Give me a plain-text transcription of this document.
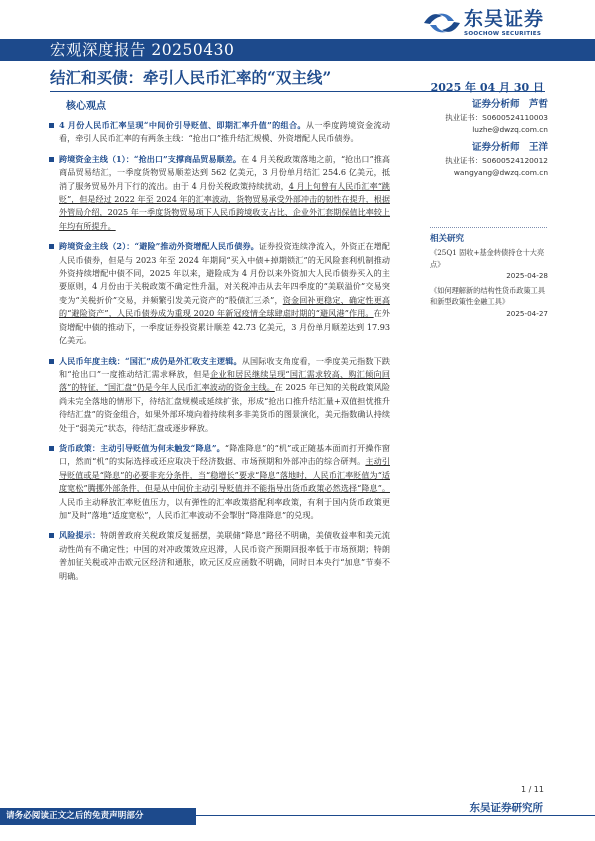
宏观深度报告 20250430
东吴证券
SOOCHOW SECURITIES
结汇和买债：牵引人民币汇率的“双主线”
2025 年 04 月 30 日
核心观点
4 月份人民币汇率呈现“中间价引导贬值、即期汇率升值”的组合。从一季度跨境资金流动看，牵引人民币汇率的有两条主线：“抢出口”推升结汇规模、外资增配人民币债券。
跨境资金主线（1）：“抢出口”支撑商品贸易顺差。在 4 月关税政策落地之前，“抢出口”推高商品贸易结汇，一季度货物贸易顺差达到 562 亿美元，3 月份单月结汇 254.6 亿美元，抵消了服务贸易外月下行的流出。由于 4 月份关税政策持续扰动，4 月上旬曾有人民币汇率“跳贬”，但是经过 2022 年至 2024 年的汇率波动，货物贸易承受外部冲击的韧性在提升，根据外管局介绍，2025 年一季度货物贸易项下人民币跨境收支占比、企业外汇套期保值比率较上年均有所提升。
跨境资金主线（2）：“避险”推动外资增配人民币债券。证券投资连续净流入，外资正在增配人民币债券，但是与 2023 年至 2024 年期间“买入中债+掉期锁汇”的无风险套利机制推动外资持续增配中债不同，2025 年以来，避险成为 4 月份以来外资加大人民币债券买入的主要原则，4 月份由于关税政策不确定性升温，对关税冲击从去年四季度的“美联溢价”交易突变为“关税折价”交易，并频繁引发美元资产的“股债汇三杀”，资金回补更稳定、确定性更高的“避险资产”，人民币债券成为重现 2020 年新冠疫情全球肆虐时期的“避风港”作用。在外资增配中债的推动下，一季度证券投资累计顺差 42.73 亿美元，3 月份单月顺差达到 17.93 亿美元。
人民币年度主线：“国汇”成仍是外汇收支主逻辑。从国际收支角度看，一季度美元指数下跌和“抢出口”一度推动结汇需求释放，但是企业和居民继续呈现“国汇需求较高、购汇倾向回落”的特征，“国汇盘”仍是今年人民币汇率波动的资金主线。在 2025 年已知的关税政策风险尚未完全落地的情形下，待结汇盘规模或延续扩张，形成“抢出口推升结汇量+双值担忧推升待结汇盘”的资金组合，如果外部环境向着持续利多非美货币的图景演化，美元指数确认持续处于“弱美元”状态，待结汇盘或逐步释放。
货币政策：主动引导贬值为何未触发“降息”。“降准降息”的“机”或正随基本面而打开操作窗口，然而“机”的实际选择或还应取决于经济数据、市场预期和外部冲击的综合研判。主动引导贬值或是“降息”的必要非充分条件，当“稳增长”要求“降息”落地时，人民币汇率贬值为“适度宽松”腾挪外部条件，但是从中间价主动引导贬值并不能指导出货币政策必然选择“降息”。人民币主动释放汇率贬值压力，以有弹性的汇率政策搭配利率政策，有利于国内货币政策更加“及时”落地“适度宽松”，人民币汇率波动不会掣肘“降准降息”的兑现。
风险提示：特朗普政府关税政策反复摇摆，美联储“降息”路径不明确，美债收益率和美元流动性尚有不确定性；中国的对冲政策效应迟滞，人民币资产预期回报率低于市场预期；特朗普加征关税或冲击欧元区经济和通胀，欧元区反应函数不明确，同时日本央行“加息”节奏不明确。
证券分析师　芦哲
执业证书：S0600524110003
luzhe@dwzq.com.cn
证券分析师　王洋
执业证书：S0600524120012
wangyang@dwzq.com.cn
相关研究
《25Q1 固收+基金转债持仓十大亮点》
2025-04-28
《如何理解新的结构性货币政策工具和新型政策性金融工具》
2025-04-27
1 / 11
请务必阅读正文之后的免责声明部分
东吴证券研究所
